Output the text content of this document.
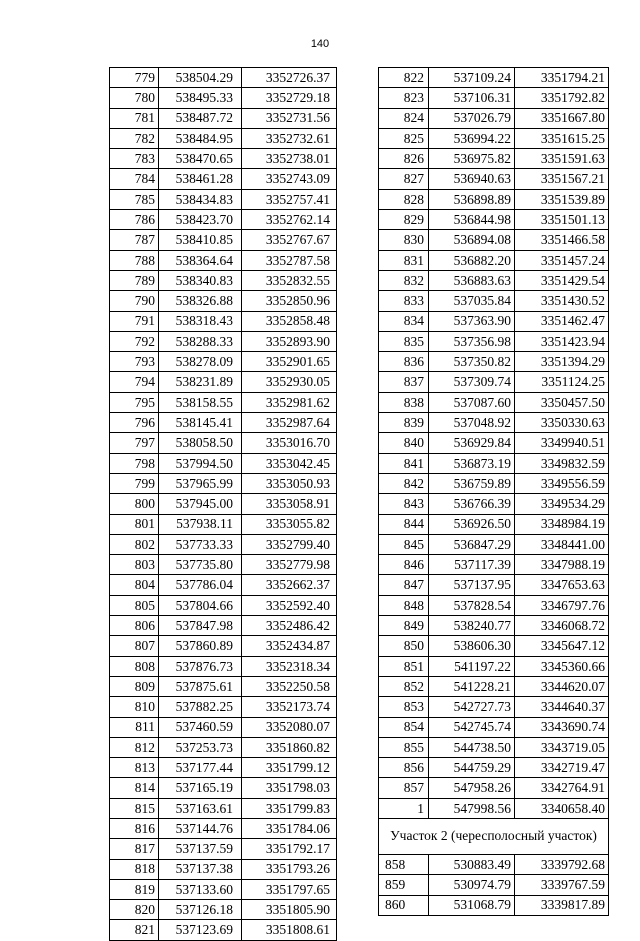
140
779	538504.29	3352726.37
780	538495.33	3352729.18
781	538487.72	3352731.56
782	538484.95	3352732.61
783	538470.65	3352738.01
784	538461.28	3352743.09
785	538434.83	3352757.41
786	538423.70	3352762.14
787	538410.85	3352767.67
788	538364.64	3352787.58
789	538340.83	3352832.55
790	538326.88	3352850.96
791	538318.43	3352858.48
792	538288.33	3352893.90
793	538278.09	3352901.65
794	538231.89	3352930.05
795	538158.55	3352981.62
796	538145.41	3352987.64
797	538058.50	3353016.70
798	537994.50	3353042.45
799	537965.99	3353050.93
800	537945.00	3353058.91
801	537938.11	3353055.82
802	537733.33	3352799.40
803	537735.80	3352779.98
804	537786.04	3352662.37
805	537804.66	3352592.40
806	537847.98	3352486.42
807	537860.89	3352434.87
808	537876.73	3352318.34
809	537875.61	3352250.58
810	537882.25	3352173.74
811	537460.59	3352080.07
812	537253.73	3351860.82
813	537177.44	3351799.12
814	537165.19	3351798.03
815	537163.61	3351799.83
816	537144.76	3351784.06
817	537137.59	3351792.17
818	537137.38	3351793.26
819	537133.60	3351797.65
820	537126.18	3351805.90
821	537123.69	3351808.61
822	537109.24	3351794.21
823	537106.31	3351792.82
824	537026.79	3351667.80
825	536994.22	3351615.25
826	536975.82	3351591.63
827	536940.63	3351567.21
828	536898.89	3351539.89
829	536844.98	3351501.13
830	536894.08	3351466.58
831	536882.20	3351457.24
832	536883.63	3351429.54
833	537035.84	3351430.52
834	537363.90	3351462.47
835	537356.98	3351423.94
836	537350.82	3351394.29
837	537309.74	3351124.25
838	537087.60	3350457.50
839	537048.92	3350330.63
840	536929.84	3349940.51
841	536873.19	3349832.59
842	536759.89	3349556.59
843	536766.39	3349534.29
844	536926.50	3348984.19
845	536847.29	3348441.00
846	537117.39	3347988.19
847	537137.95	3347653.63
848	537828.54	3346797.76
849	538240.77	3346068.72
850	538606.30	3345647.12
851	541197.22	3345360.66
852	541228.21	3344620.07
853	542727.73	3344640.37
854	542745.74	3343690.74
855	544738.50	3343719.05
856	544759.29	3342719.47
857	547958.26	3342764.91
1	547998.56	3340658.40
Участок 2 (чересполосный участок)		
858	530883.49	3339792.68
859	530974.79	3339767.59
860	531068.79	3339817.89
